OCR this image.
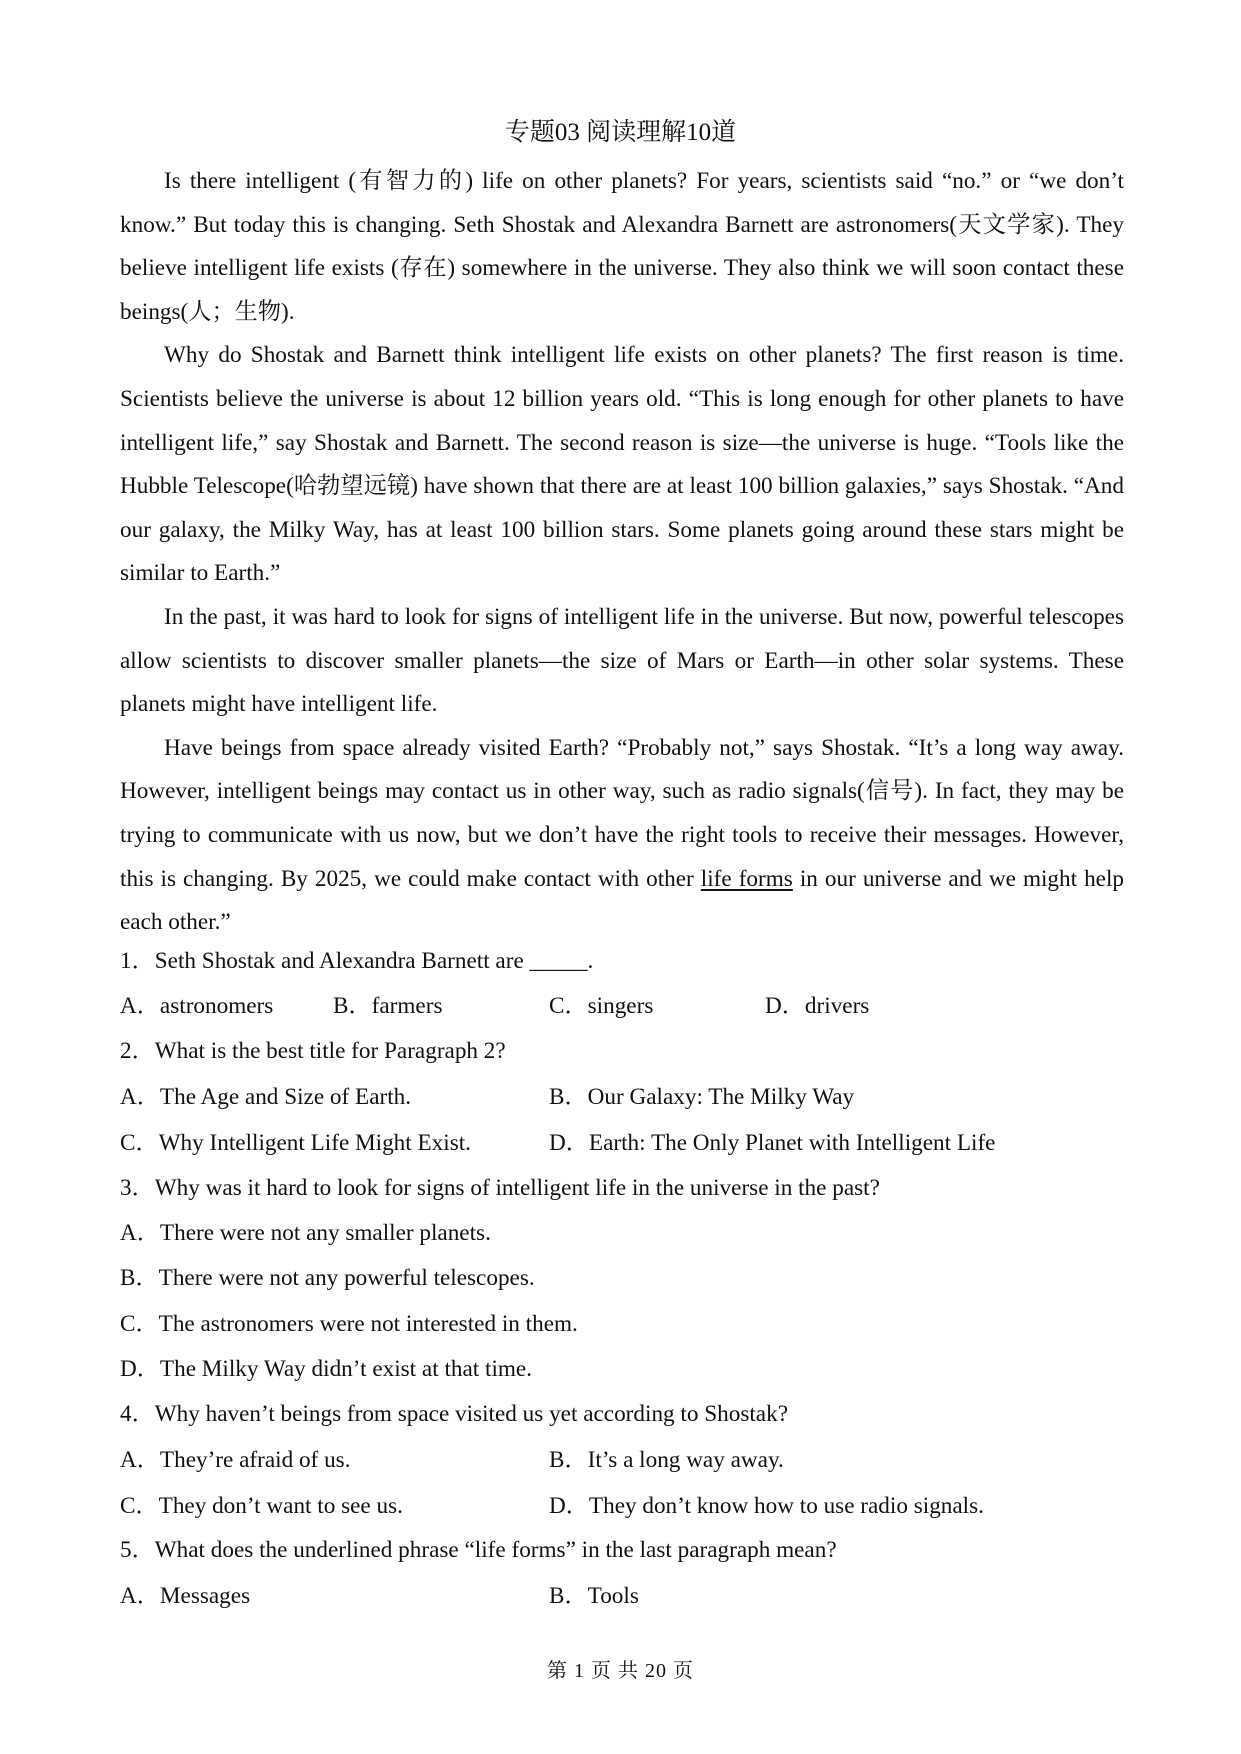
专题03 阅读理解10道

Is there intelligent (有智力的) life on other planets? For years, scientists said “no.” or “we don’t know.” But today this is changing. Seth Shostak and Alexandra Barnett are astronomers(天文学家). They believe intelligent life exists (存在) somewhere in the universe. They also think we will soon contact these beings(人；生物).

Why do Shostak and Barnett think intelligent life exists on other planets? The first reason is time. Scientists believe the universe is about 12 billion years old. “This is long enough for other planets to have intelligent life,” say Shostak and Barnett. The second reason is size—the universe is huge. “Tools like the Hubble Telescope(哈勃望远镜) have shown that there are at least 100 billion galaxies,” says Shostak. “And our galaxy, the Milky Way, has at least 100 billion stars. Some planets going around these stars might be similar to Earth.”

In the past, it was hard to look for signs of intelligent life in the universe. But now, powerful telescopes allow scientists to discover smaller planets—the size of Mars or Earth—in other solar systems. These planets might have intelligent life.

Have beings from space already visited Earth? “Probably not,” says Shostak. “It’s a long way away. However, intelligent beings may contact us in other way, such as radio signals(信号). In fact, they may be trying to communicate with us now, but we don’t have the right tools to receive their messages. However, this is changing. By 2025, we could make contact with other life forms in our universe and we might help each other.”

1．Seth Shostak and Alexandra Barnett are _____.
A．astronomers	B．farmers	C．singers	D．drivers
2．What is the best title for Paragraph 2?
A．The Age and Size of Earth.	B．Our Galaxy: The Milky Way
C．Why Intelligent Life Might Exist.	D．Earth: The Only Planet with Intelligent Life
3．Why was it hard to look for signs of intelligent life in the universe in the past?
A．There were not any smaller planets.
B．There were not any powerful telescopes.
C．The astronomers were not interested in them.
D．The Milky Way didn’t exist at that time.
4．Why haven’t beings from space visited us yet according to Shostak?
A．They’re afraid of us.	B．It’s a long way away.
C．They don’t want to see us.	D．They don’t know how to use radio signals.
5．What does the underlined phrase “life forms” in the last paragraph mean?
A．Messages	B．Tools
第 1 页 共 20 页
